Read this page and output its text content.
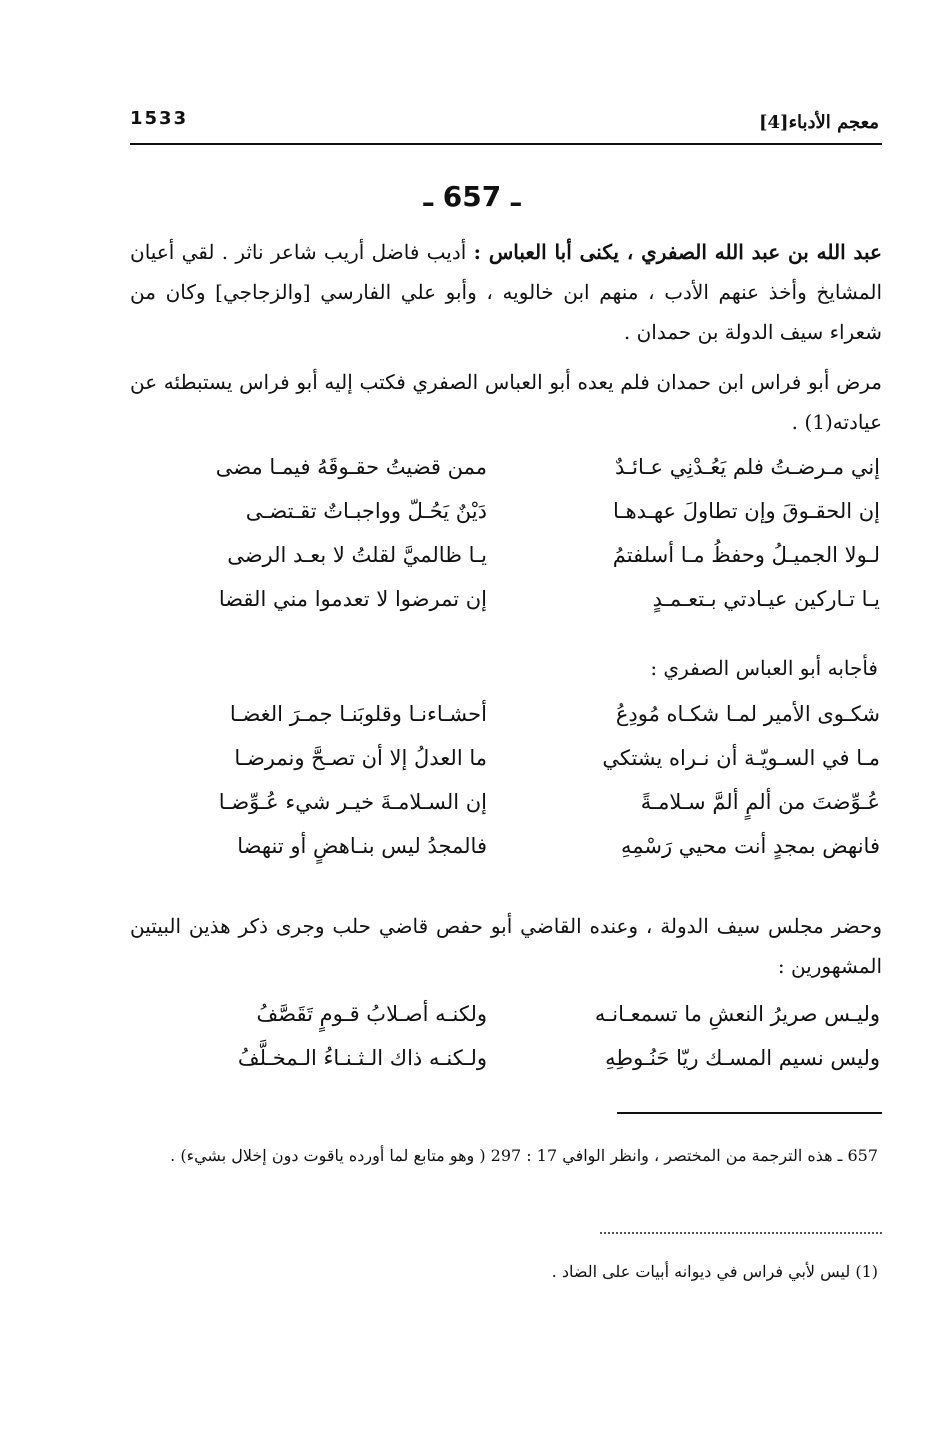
1533	معجم الأدباء[4]
ـ 657 ـ
عبد الله بن عبد الله الصفري ، يكنى أبا العباس : أديب فاضل أريب شاعر ناثر . لقي أعيان المشايخ وأخذ عنهم الأدب ، منهم ابن خالويه ، وأبو علي الفارسي [والزجاجي] وكان من شعراء سيف الدولة بن حمدان .
مرض أبو فراس ابن حمدان فلم يعده أبو العباس الصفري فكتب إليه أبو فراس يستبطئه عن عيادته(1) .
إني مـرضـتُ فلم يَعُـدْنِي عـائـدٌ
ممن قضيتُ حقـوقَهُ فيمـا مضى
إن الحقـوقَ وإن تطاولَ عهـدهـا
دَيْنٌ يَحُـلّ وواجبـاتٌ تقـتضـى
لـولا الجميـلُ وحفظُ مـا أسلفتمُ
يـا ظالميَّ لقلتُ لا بعـد الرضى
يـا تـاركين عيـادتي بـتعـمـدٍ
إن تمرضوا لا تعدموا مني القضا
فأجابه أبو العباس الصفري :
شكـوى الأمير لمـا شكـاه مُودِعُ
أحشـاءنـا وقلوبَنـا جمـرَ الغضـا
مـا في السـويّـة أن نـراه يشتكي
ما العدلُ إلا أن تصـحَّ ونمرضـا
عُـوِّضتَ من ألمٍ ألمَّ سـلامـةً
إن السـلامـةَ خيـر شيء عُـوِّضـا
فانهض بمجدٍ أنت محيي رَسْمِهِ
فالمجدُ ليس بنـاهضٍ أو تنهضا
وحضر مجلس سيف الدولة ، وعنده القاضي أبو حفص قاضي حلب وجرى ذكر هذين البيتين المشهورين :
وليـس صريرُ النعشِ ما تسمعـانـه
ولكنـه أصـلابُ قـومٍ تَقَصَّفُ
وليس نسيم المسـك ريّا حَنُـوطِهِ
ولـكنـه ذاك الـثـنـاءُ الـمخـلَّفُ
657 ـ هذه الترجمة من المختصر ، وانظر الوافي 17 : 297 ( وهو متابع لما أورده ياقوت دون إخلال بشيء) .
(1) ليس لأبي فراس في ديوانه أبيات على الضاد .
